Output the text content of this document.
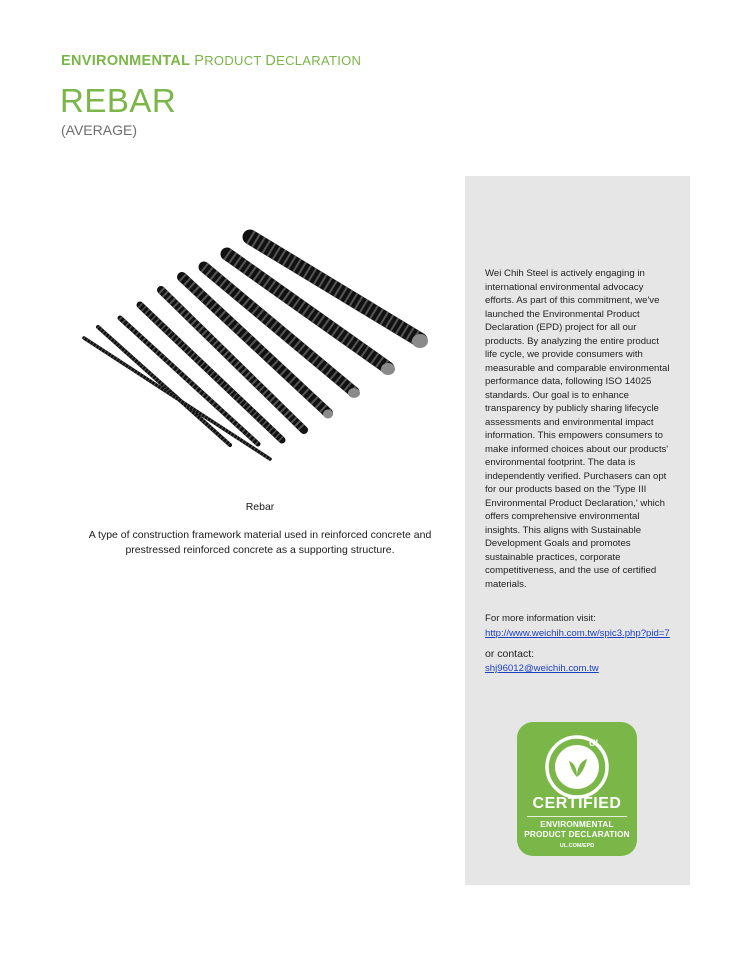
ENVIRONMENTAL PRODUCT DECLARATION
REBAR
(AVERAGE)
Rebar
A type of construction framework material used in reinforced concrete and prestressed reinforced concrete as a supporting structure.
Wei Chih Steel is actively engaging in international environmental advocacy efforts. As part of this commitment, we've launched the Environmental Product Declaration (EPD) project for all our products. By analyzing the entire product life cycle, we provide consumers with measurable and comparable environmental performance data, following ISO 14025 standards. Our goal is to enhance transparency by publicly sharing lifecycle assessments and environmental impact information. This empowers consumers to make informed choices about our products' environmental footprint. The data is independently verified. Purchasers can opt for our products based on the 'Type III Environmental Product Declaration,' which offers comprehensive environmental insights. This aligns with Sustainable Development Goals and promotes sustainable practices, corporate competitiveness, and the use of certified materials.
For more information visit:
http://www.weichih.com.tw/spic3.php?pid=7
or contact:
shj96012@weichih.com.tw
UL
CERTIFIED
ENVIRONMENTAL
PRODUCT DECLARATION
UL.COM/EPD
